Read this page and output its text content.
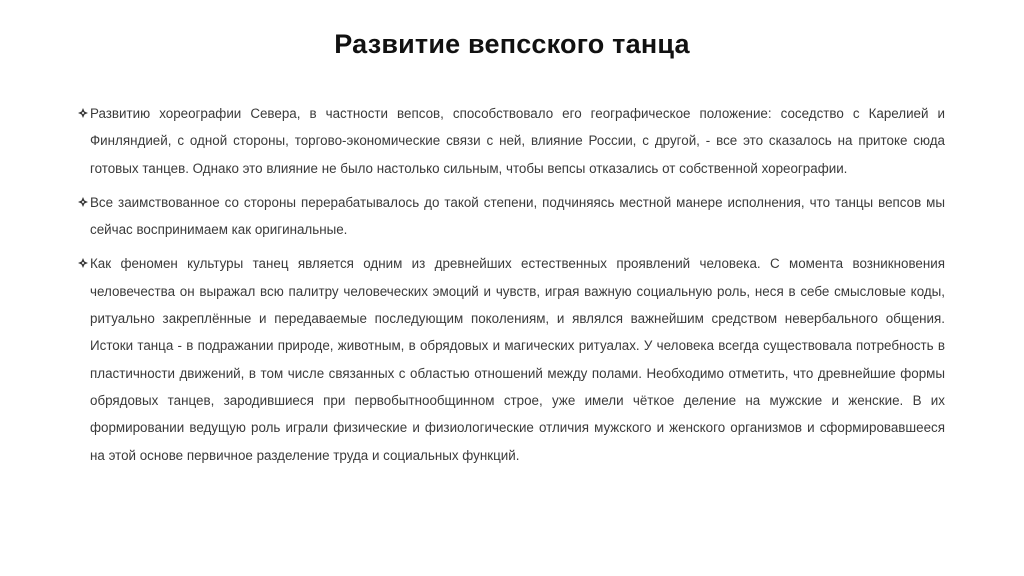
Развитие вепсского танца
Развитию хореографии Севера, в частности вепсов, способствовало его географическое положение: соседство с Карелией и Финляндией, с одной стороны, торгово-экономические связи с ней, влияние России, с другой, - все это сказалось на притоке сюда готовых танцев. Однако это влияние не было настолько сильным, чтобы вепсы отказались от собственной хореографии.
Все заимствованное со стороны перерабатывалось до такой степени, подчиняясь местной манере исполнения, что танцы вепсов мы сейчас воспринимаем как оригинальные.
Как феномен культуры танец является одним из древнейших естественных проявлений человека. С момента возникновения человечества он выражал всю палитру человеческих эмоций и чувств, играя важную социальную роль, неся в себе смысловые коды, ритуально закреплённые и передаваемые последующим поколениям, и являлся важнейшим средством невербального общения. Истоки танца - в подражании природе, животным, в обрядовых и магических ритуалах. У человека всегда существовала потребность в пластичности движений, в том числе связанных с областью отношений между полами. Необходимо отметить, что древнейшие формы обрядовых танцев, зародившиеся при первобытнообщинном строе, уже имели чёткое деление на мужские и женские. В их формировании ведущую роль играли физические и физиологические отличия мужского и женского организмов и сформировавшееся на этой основе первичное разделение труда и социальных функций.
